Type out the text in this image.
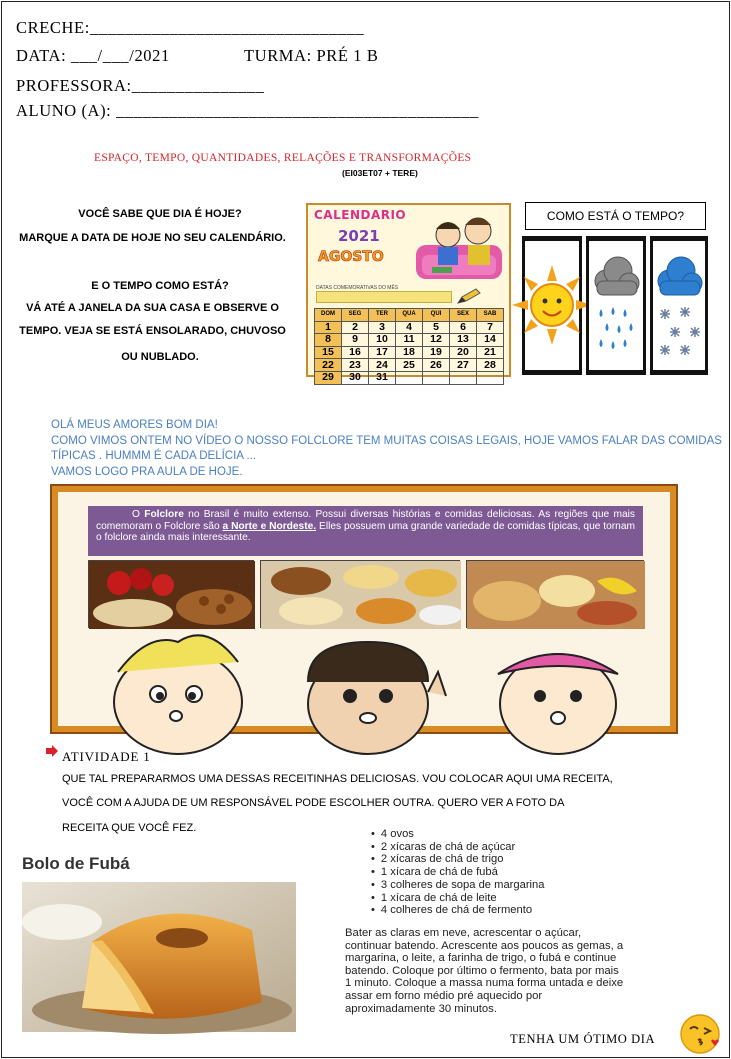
CRECHE:_______________________________
DATA: ___/___/2021	TURMA: PRÉ 1 B
PROFESSORA:_______________
ALUNO (A): _________________________________________
ESPAÇO, TEMPO, QUANTIDADES, RELAÇÕES E TRANSFORMAÇÕES
(EI03ET07 + TERE)
VOCÊ SABE QUE DIA É HOJE?
MARQUE A DATA DE HOJE NO SEU CALENDÁRIO.
E O TEMPO COMO ESTÁ?
VÁ ATÉ A JANELA DA SUA CASA E OBSERVE O
TEMPO. VEJA SE ESTÁ ENSOLARADO, CHUVOSO
OU NUBLADO.
CALENDARIO
2021
AGOSTO
DATAS COMEMORATIVAS DO MÊS
DOM	SEG	TER	QUA	QUI	SEX	SAB
1	2	3	4	5	6	7
8	9	10	11	12	13	14
15	16	17	18	19	20	21
22	23	24	25	26	27	28
29	30	31				
COMO ESTÁ O TEMPO?
OLÁ MEUS AMORES BOM DIA!
COMO VIMOS ONTEM NO VÍDEO O NOSSO FOLCLORE TEM MUITAS COISAS LEGAIS, HOJE VAMOS FALAR DAS COMIDAS
TÍPICAS . HUMMM É CADA DELÍCIA ...
VAMOS LOGO PRA AULA DE HOJE.
O Folclore no Brasil é muito extenso. Possui diversas histórias e comidas deliciosas. As regiões que mais comemoram o Folclore são a Norte e Nordeste. Elles possuem uma grande variedade de comidas típicas, que tornam o folclore ainda mais interessante.
ATIVIDADE 1
QUE TAL PREPARARMOS UMA DESSAS RECEITINHAS DELICIOSAS. VOU COLOCAR AQUI UMA RECEITA,
VOCÊ COM A AJUDA DE UM RESPONSÁVEL PODE ESCOLHER OUTRA. QUERO VER A FOTO DA
RECEITA QUE VOCÊ FEZ.
Bolo de Fubá
• 4 ovos
• 2 xícaras de chá de açúcar
• 2 xícaras de chá de trigo
• 1 xícara de chá de fubá
• 3 colheres de sopa de margarina
• 1 xícara de chá de leite
• 4 colheres de chá de fermento
Bater as claras em neve, acrescentar o açúcar, continuar batendo. Acrescente aos poucos as gemas, a margarina, o leite, a farinha de trigo, o fubá e continue batendo. Coloque por último o fermento, bata por mais 1 minuto. Coloque a massa numa forma untada e deixe assar em forno médio pré aquecido por aproximadamente 30 minutos.
TENHA UM ÓTIMO DIA
